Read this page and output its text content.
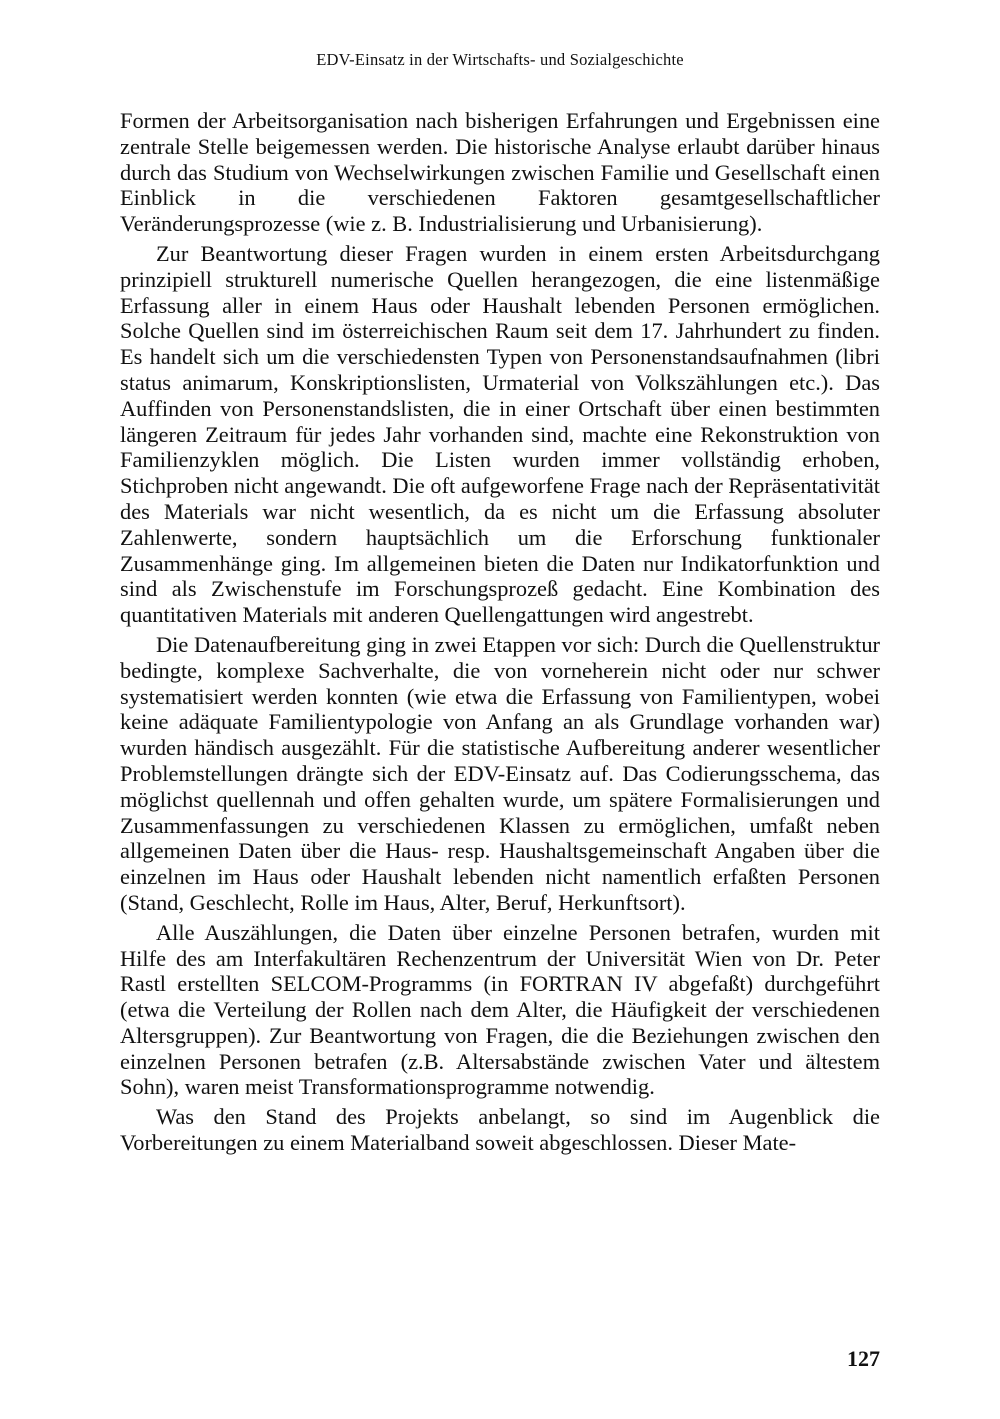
EDV-Einsatz in der Wirtschafts- und Sozialgeschichte

Formen der Arbeitsorganisation nach bisherigen Erfahrungen und Ergebnissen eine zentrale Stelle beigemessen werden. Die historische Analyse erlaubt darüber hinaus durch das Studium von Wechselwirkungen zwischen Familie und Gesellschaft einen Einblick in die verschiedenen Faktoren gesamtgesellschaftlicher Veränderungsprozesse (wie z. B. Industrialisierung und Urbanisierung).

Zur Beantwortung dieser Fragen wurden in einem ersten Arbeitsdurchgang prinzipiell strukturell numerische Quellen herangezogen, die eine listenmäßige Erfassung aller in einem Haus oder Haushalt lebenden Personen ermöglichen. Solche Quellen sind im österreichischen Raum seit dem 17. Jahrhundert zu finden. Es handelt sich um die verschiedensten Typen von Personenstandsaufnahmen (libri status animarum, Konskriptionslisten, Urmaterial von Volkszählungen etc.). Das Auffinden von Personenstandslisten, die in einer Ortschaft über einen bestimmten längeren Zeitraum für jedes Jahr vorhanden sind, machte eine Rekonstruktion von Familienzyklen möglich. Die Listen wurden immer vollständig erhoben, Stichproben nicht angewandt. Die oft aufgeworfene Frage nach der Repräsentativität des Materials war nicht wesentlich, da es nicht um die Erfassung absoluter Zahlenwerte, sondern hauptsächlich um die Erforschung funktionaler Zusammenhänge ging. Im allgemeinen bieten die Daten nur Indikatorfunktion und sind als Zwischenstufe im Forschungsprozeß gedacht. Eine Kombination des quantitativen Materials mit anderen Quellengattungen wird angestrebt.

Die Datenaufbereitung ging in zwei Etappen vor sich: Durch die Quellenstruktur bedingte, komplexe Sachverhalte, die von vorneherein nicht oder nur schwer systematisiert werden konnten (wie etwa die Erfassung von Familientypen, wobei keine adäquate Familientypologie von Anfang an als Grundlage vorhanden war) wurden händisch ausgezählt. Für die statistische Aufbereitung anderer wesentlicher Problemstellungen drängte sich der EDV-Einsatz auf. Das Codierungsschema, das möglichst quellennah und offen gehalten wurde, um spätere Formalisierungen und Zusammenfassungen zu verschiedenen Klassen zu ermöglichen, umfaßt neben allgemeinen Daten über die Haus- resp. Haushaltsgemeinschaft Angaben über die einzelnen im Haus oder Haushalt lebenden nicht namentlich erfaßten Personen (Stand, Geschlecht, Rolle im Haus, Alter, Beruf, Herkunftsort).

Alle Auszählungen, die Daten über einzelne Personen betrafen, wurden mit Hilfe des am Interfakultären Rechenzentrum der Universität Wien von Dr. Peter Rastl erstellten SELCOM-Programms (in FORTRAN IV abgefaßt) durchgeführt (etwa die Verteilung der Rollen nach dem Alter, die Häufigkeit der verschiedenen Altersgruppen). Zur Beantwortung von Fragen, die die Beziehungen zwischen den einzelnen Personen betrafen (z.B. Altersabstände zwischen Vater und ältestem Sohn), waren meist Transformationsprogramme notwendig.

Was den Stand des Projekts anbelangt, so sind im Augenblick die Vorbereitungen zu einem Materialband soweit abgeschlossen. Dieser Mate-

127
